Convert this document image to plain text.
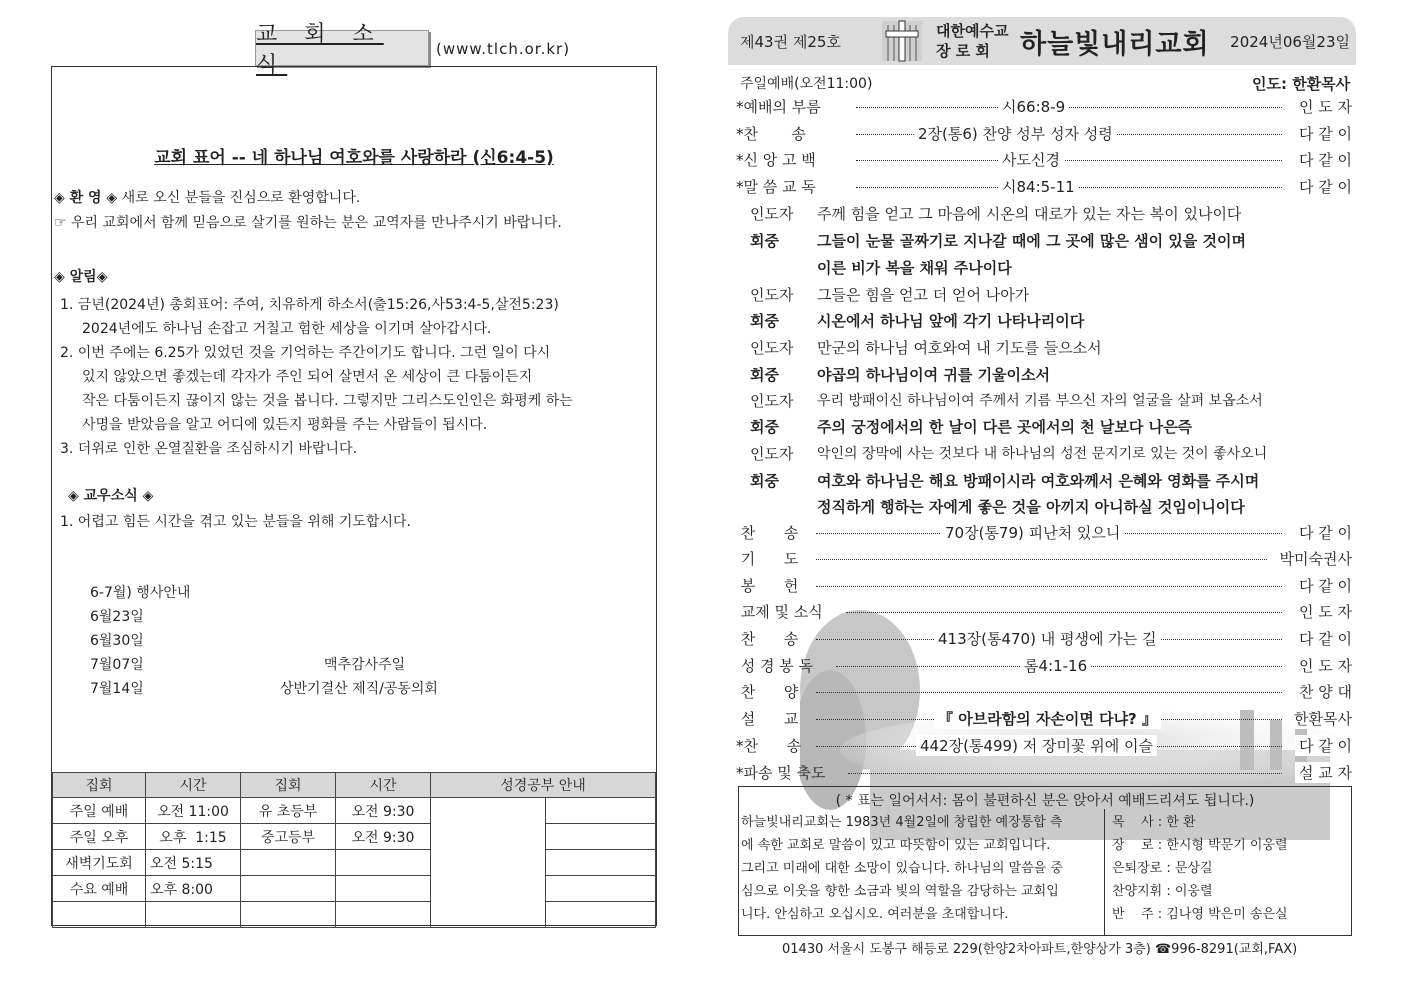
교 회 소 식
(www.tlch.or.kr)
교회 표어 -- 네 하나님 여호와를 사랑하라 (신6:4-5)
◈ 환 영 ◈ 새로 오신 분들을 진심으로 환영합니다.
☞ 우리 교회에서 함께 믿음으로 살기를 원하는 분은 교역자를 만나주시기 바랍니다.
◈ 알림◈
1. 금년(2024년) 총회표어: 주여, 치유하게 하소서(출15:26,사53:4-5,살전5:23)
2024년에도 하나님 손잡고 거칠고 험한 세상을 이기며 살아갑시다.
2. 이번 주에는 6.25가 있었던 것을 기억하는 주간이기도 합니다. 그런 일이 다시
있지 않았으면 좋겠는데 각자가 주인 되어 살면서 온 세상이 큰 다툼이든지
작은 다툼이든지 끊이지 않는 것을 봅니다. 그렇지만 그리스도인인은 화평케 하는
사명을 받았음을 알고 어디에 있든지 평화를 주는 사람들이 됩시다.
3. 더위로 인한 온열질환을 조심하시기 바랍니다.
◈ 교우소식 ◈
1. 어렵고 힘든 시간을 겪고 있는 분들을 위해 기도합시다.
6-7월) 행사안내
6월23일
6월30일
7월07일	맥추감사주일
7월14일	상반기결산 제직/공동의회
집회	시간	집회	시간	성경공부 안내	
주일 예배	오전 11:00	유 초등부	오전 9:30		
주일 오후	오후  1:15	중고등부	오전 9:30		
새벽기도회	오전 5:15				
수요 예배	오후 8:00				

제43권 제25호
대한예수교
장 로 회	하늘빛내리교회 2024년06월23일
주일예배(오전11:00)	인도: 한환목사
*예배의 부름	시66:8-9	인 도 자
*찬       송	2장(통6) 찬양 성부 성자 성령	다 같 이
*신 앙 고 백	사도신경	다 같 이
*말 씀 교 독	시84:5-11	다 같 이
인도자 주께 힘을 얻고 그 마음에 시온의 대로가 있는 자는 복이 있나이다
회중	그들이 눈물 골짜기로 지나갈 때에 그 곳에 많은 샘이 있을 것이며
이른 비가 복을 채워 주나이다
인도자 그들은 힘을 얻고 더 얻어 나아가
회중	시온에서 하나님 앞에 각기 나타나리이다
인도자 만군의 하나님 여호와여 내 기도를 들으소서
회중	야곱의 하나님이여 귀를 기울이소서
인도자 우리 방패이신 하나님이여 주께서 기름 부으신 자의 얼굴을 살펴 보옵소서
회중	주의 궁정에서의 한 날이 다른 곳에서의 천 날보다 나은즉
인도자 악인의 장막에 사는 것보다 내 하나님의 성전 문지기로 있는 것이 좋사오니
회중	여호와 하나님은 해요 방패이시라 여호와께서 은혜와 영화를 주시며
정직하게 행하는 자에게 좋은 것을 아끼지 아니하실 것임이니이다
찬      송	70장(통79) 피난처 있으니	다 같 이
기      도	박미숙권사
봉      헌	다 같 이
교제 및 소식	인 도 자
찬      송	413장(통470) 내 평생에 가는 길	다 같 이
성 경 봉 독	롬4:1-16	인 도 자
찬      양	찬 양 대
설      교	『 아브라함의 자손이면 다냐? 』	한환목사
*찬      송	442장(통499) 저 장미꽃 위에 이슬	다 같 이
*파송 및 축도	설 교 자
( * 표는 일어서서: 몸이 불편하신 분은 앉아서 예배드리셔도 됩니다.)
하늘빛내리교회는 1983년 4월2일에 창립한 예장통합 측
에 속한 교회로 말씀이 있고 따뜻함이 있는 교회입니다.
그리고 미래에 대한 소망이 있습니다. 하나님의 말씀을 중
심으로 이웃을 향한 소금과 빛의 역할을 감당하는 교회입
니다. 안심하고 오십시오. 여러분을 초대합니다.
목    사 : 한 환
장    로 : 한시형 박문기 이웅렬
은퇴장로 : 문상길
찬양지휘 : 이웅렬
반    주 : 김나영 박은미 송은실
01430 서울시 도봉구 해등로 229(한양2차아파트,한양상가 3층) ☎996-8291(교회,FAX)
